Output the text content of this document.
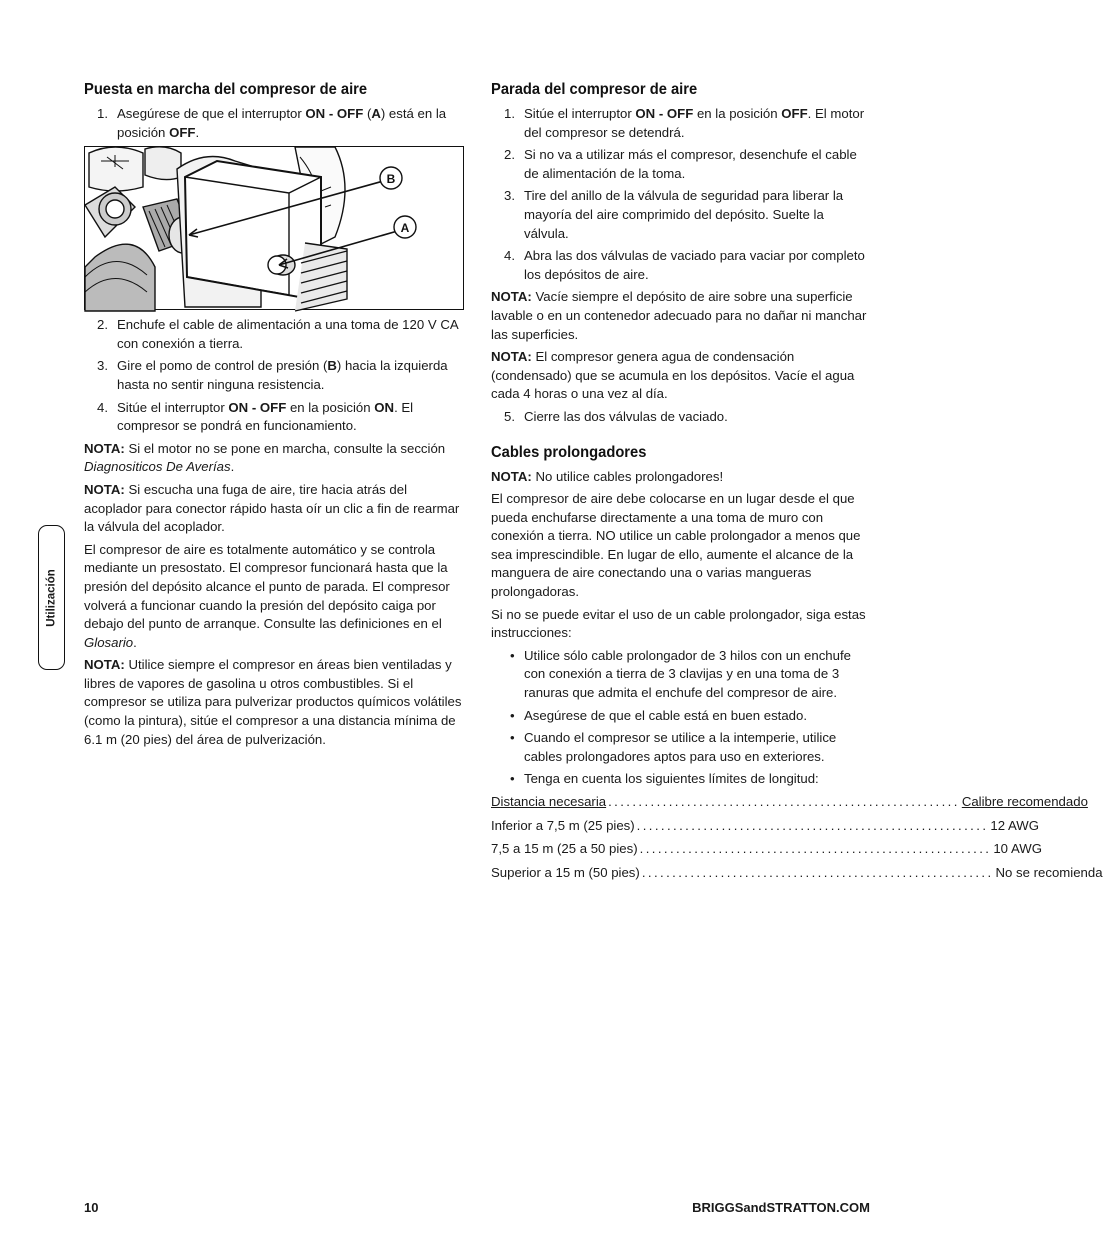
Puesta en marcha del compresor de aire
1. Asegúrese de que el interruptor ON - OFF (A) está en la posición OFF.
B
A
2. Enchufe el cable de alimentación a una toma de 120 V CA con conexión a tierra.
3. Gire el pomo de control de presión (B) hacia la izquierda hasta no sentir ninguna resistencia.
4. Sitúe el interruptor ON - OFF en la posición ON. El compresor se pondrá en funcionamiento.

NOTA: Si el motor no se pone en marcha, consulte la sección Diagnositicos De Averías.

NOTA: Si escucha una fuga de aire, tire hacia atrás del acoplador para conector rápido hasta oír un clic a fin de rearmar la válvula del acoplador.

El compresor de aire es totalmente automático y se controla mediante un presostato. El compresor funcionará hasta que la presión del depósito alcance el punto de parada. El compresor volverá a funcionar cuando la presión del depósito caiga por debajo del punto de arranque. Consulte las definiciones en el Glosario.

NOTA: Utilice siempre el compresor en áreas bien ventiladas y libres de vapores de gasolina u otros combustibles. Si el compresor se utiliza para pulverizar productos químicos volátiles (como la pintura), sitúe el compresor a una distancia mínima de 6.1 m (20 pies) del área de pulverización.

Parada del compresor de aire
1. Sitúe el interruptor ON - OFF en la posición OFF. El motor del compresor se detendrá.
2. Si no va a utilizar más el compresor, desenchufe el cable de alimentación de la toma.
3. Tire del anillo de la válvula de seguridad para liberar la mayoría del aire comprimido del depósito. Suelte la válvula.
4. Abra las dos válvulas de vaciado para vaciar por completo los depósitos de aire.

NOTA: Vacíe siempre el depósito de aire sobre una superficie lavable o en un contenedor adecuado para no dañar ni manchar las superficies.

NOTA: El compresor genera agua de condensación (condensado) que se acumula en los depósitos. Vacíe el agua cada 4 horas o una vez al día.

5. Cierre las dos válvulas de vaciado.
Cables prolongadores

NOTA: No utilice cables prolongadores!

El compresor de aire debe colocarse en un lugar desde el que pueda enchufarse directamente a una toma de muro con conexión a tierra. NO utilice un cable prolongador a menos que sea imprescindible. En lugar de ello, aumente el alcance de la manguera de aire conectando una o varias mangueras prolongadoras.

Si no se puede evitar el uso de un cable prolongador, siga estas instrucciones:

• Utilice sólo cable prolongador de 3 hilos con un enchufe con conexión a tierra de 3 clavijas y en una toma de 3 ranuras que admita el enchufe del compresor de aire.
• Asegúrese de que el cable está en buen estado.
• Cuando el compresor se utilice a la intemperie, utilice cables prolongadores aptos para uso en exteriores.
• Tenga en cuenta los siguientes límites de longitud:
Distancia necesaria .......................................................... Calibre recomendado
Inferior a 7,5 m (25 pies) .......................................................... 12 AWG
7,5 a 15 m (25 a 50 pies) .......................................................... 10 AWG
Superior a 15 m (50 pies) .......................................................... No se recomienda
Utilización
10	BRIGGSandSTRATTON.COM
